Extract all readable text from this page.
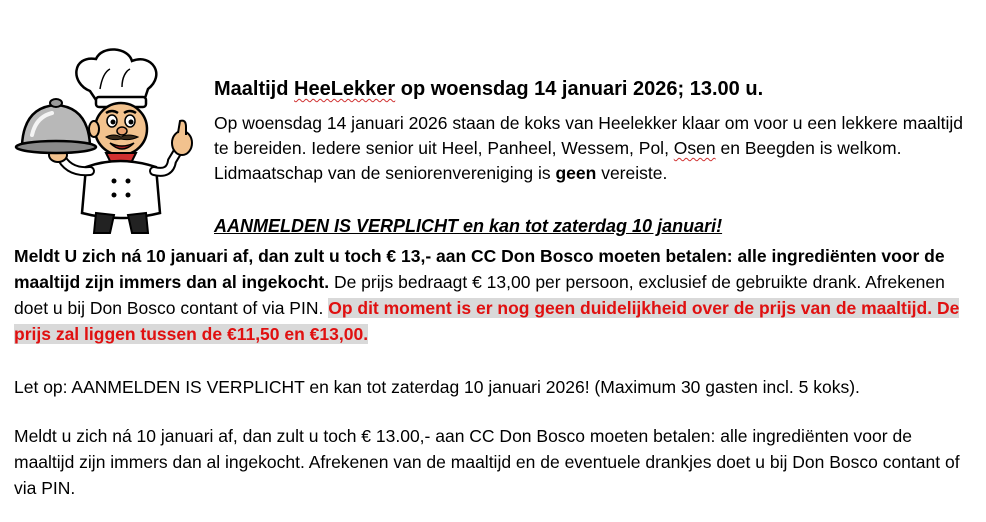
Maaltijd HeeLekker op woensdag 14 januari 2026; 13.00 u.
Op woensdag 14 januari 2026 staan de koks van Heelekker klaar om voor u een lekkere maaltijd te bereiden. Iedere senior uit Heel, Panheel, Wessem, Pol, Osen en Beegden is welkom. Lidmaatschap van de seniorenvereniging is geen vereiste.
AANMELDEN IS VERPLICHT en kan tot zaterdag 10 januari!
Meldt U zich ná 10 januari af, dan zult u toch € 13,- aan CC Don Bosco moeten betalen: alle ingrediënten voor de maaltijd zijn immers dan al ingekocht. De prijs bedraagt € 13,00 per persoon, exclusief de gebruikte drank. Afrekenen doet u bij Don Bosco contant of via PIN. Op dit moment is er nog geen duidelijkheid over de prijs van de maaltijd. De prijs zal liggen tussen de €11,50 en €13,00.
Let op: AANMELDEN IS VERPLICHT en kan tot zaterdag 10 januari 2026! (Maximum 30 gasten incl. 5 koks).
Meldt u zich ná 10 januari af, dan zult u toch € 13.00,- aan CC Don Bosco moeten betalen: alle ingrediënten voor de maaltijd zijn immers dan al ingekocht. Afrekenen van de maaltijd en de eventuele drankjes doet u bij Don Bosco contant of via PIN.
